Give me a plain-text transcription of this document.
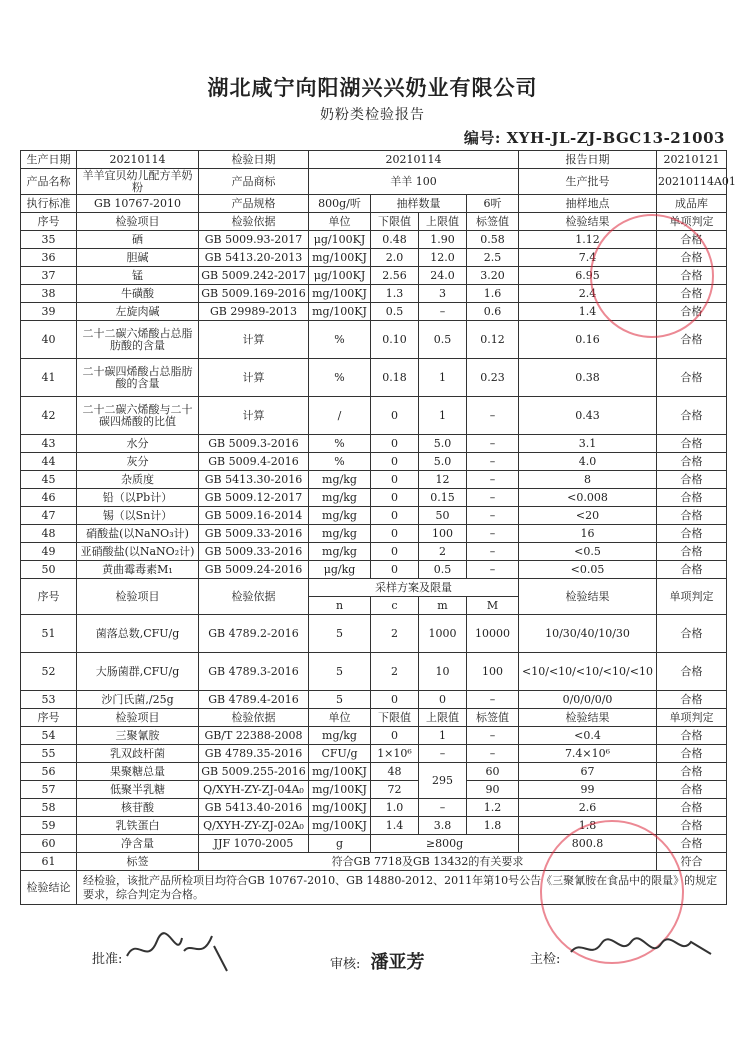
湖北咸宁向阳湖兴兴奶业有限公司
奶粉类检验报告
编号: XYH-JL-ZJ-BGC13-21003
生产日期	20210114	检验日期	20210114				报告日期	20210121
产品名称	羊羊宜贝幼儿配方羊奶粉	产品商标	羊羊 100				生产批号	20210114A01
执行标准	GB 10767-2010	产品规格	800g/听	抽样数量		6听	抽样地点	成品库
序号	检验项目	检验依据	单位	下限值	上限值	标签值	检验结果	单项判定
35	硒	GB 5009.93-2017	μg/100KJ	0.48	1.90	0.58	1.12	合格
36	胆碱	GB 5413.20-2013	mg/100KJ	2.0	12.0	2.5	7.4	合格
37	锰	GB 5009.242-2017	μg/100KJ	2.56	24.0	3.20	6.95	合格
38	牛磺酸	GB 5009.169-2016	mg/100KJ	1.3	3	1.6	2.4	合格
39	左旋肉碱	GB 29989-2013	mg/100KJ	0.5	–	0.6	1.4	合格
40	二十二碳六烯酸占总脂肪酸的含量	计算	%	0.10	0.5	0.12	0.16	合格
41	二十碳四烯酸占总脂肪酸的含量	计算	%	0.18	1	0.23	0.38	合格
42	二十二碳六烯酸与二十碳四烯酸的比值	计算	/	0	1	–	0.43	合格
43	水分	GB 5009.3-2016	%	0	5.0	–	3.1	合格
44	灰分	GB 5009.4-2016	%	0	5.0	–	4.0	合格
45	杂质度	GB 5413.30-2016	mg/kg	0	12	–	8	合格
46	铅（以Pb计）	GB 5009.12-2017	mg/kg	0	0.15	–	<0.008	合格
47	锡（以Sn计）	GB 5009.16-2014	mg/kg	0	50	–	<20	合格
48	硝酸盐(以NaNO₃计)	GB 5009.33-2016	mg/kg	0	100	–	16	合格
49	亚硝酸盐(以NaNO₂计)	GB 5009.33-2016	mg/kg	0	2	–	<0.5	合格
50	黄曲霉毒素M₁	GB 5009.24-2016	μg/kg	0	0.5	–	<0.05	合格
序号	检验项目	检验依据	采样方案及限量				检验结果	单项判定
			n	c	m	M		
51	菌落总数,CFU/g	GB 4789.2-2016	5	2	1000	10000	10/30/40/10/30	合格
52	大肠菌群,CFU/g	GB 4789.3-2016	5	2	10	100	<10/<10/<10/<10/<10	合格
53	沙门氏菌,/25g	GB 4789.4-2016	5	0	0	–	0/0/0/0/0	合格
序号	检验项目	检验依据	单位	下限值	上限值	标签值	检验结果	单项判定
54	三聚氰胺	GB/T 22388-2008	mg/kg	0	1	–	<0.4	合格
55	乳双歧杆菌	GB 4789.35-2016	CFU/g	1×10⁶	–	–	7.4×10⁶	合格
56	果聚糖总量	GB 5009.255-2016	mg/100KJ	48	295	60	67	合格
57	低聚半乳糖	Q/XYH-ZY-ZJ-04A₀	mg/100KJ	72		90	99	合格
58	核苷酸	GB 5413.40-2016	mg/100KJ	1.0	–	1.2	2.6	合格
59	乳铁蛋白	Q/XYH-ZY-ZJ-02A₀	mg/100KJ	1.4	3.8	1.8	1.8	合格
60	净含量	JJF 1070-2005	g	≥800g			800.8	合格
61	标签	符合GB 7718及GB 13432的有关要求						符合
检验结论	经检验，该批产品所检项目均符合GB 10767-2010、GB 14880-2012、2011年第10号公告《三聚氰胺在食品中的限量》的规定要求，综合判定为合格。							
批准:	审核: 潘亚芳	主检:
